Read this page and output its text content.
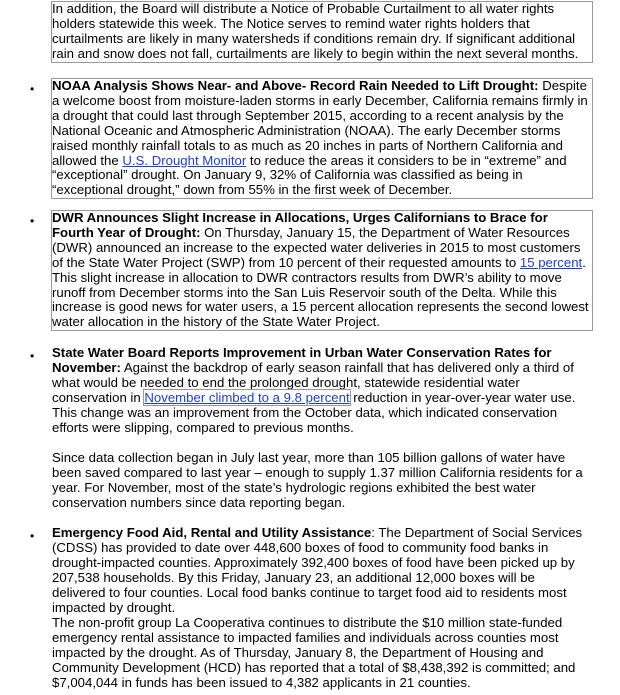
In addition, the Board will distribute a Notice of Probable Curtailment to all water rights holders statewide this week. The Notice serves to remind water rights holders that curtailments are likely in many watersheds if conditions remain dry. If significant additional rain and snow does not fall, curtailments are likely to begin within the next several months.

• NOAA Analysis Shows Near- and Above- Record Rain Needed to Lift Drought: Despite a welcome boost from moisture-laden storms in early December, California remains firmly in a drought that could last through September 2015, according to a recent analysis by the National Oceanic and Atmospheric Administration (NOAA). The early December storms raised monthly rainfall totals to as much as 20 inches in parts of Northern California and allowed the U.S. Drought Monitor to reduce the areas it considers to be in “extreme” and “exceptional” drought. On January 9, 32% of California was classified as being in “exceptional drought,” down from 55% in the first week of December.

• DWR Announces Slight Increase in Allocations, Urges Californians to Brace for Fourth Year of Drought: On Thursday, January 15, the Department of Water Resources (DWR) announced an increase to the expected water deliveries in 2015 to most customers of the State Water Project (SWP) from 10 percent of their requested amounts to 15 percent. This slight increase in allocation to DWR contractors results from DWR’s ability to move runoff from December storms into the San Luis Reservoir south of the Delta. While this increase is good news for water users, a 15 percent allocation represents the second lowest water allocation in the history of the State Water Project.

• State Water Board Reports Improvement in Urban Water Conservation Rates for November: Against the backdrop of early season rainfall that has delivered only a third of what would be needed to end the prolonged drought, statewide residential water conservation in November climbed to a 9.8 percent reduction in year-over-year water use. This change was an improvement from the October data, which indicated conservation efforts were slipping, compared to previous months.

Since data collection began in July last year, more than 105 billion gallons of water have been saved compared to last year – enough to supply 1.37 million California residents for a year. For November, most of the state’s hydrologic regions exhibited the best water conservation numbers since data reporting began.

• Emergency Food Aid, Rental and Utility Assistance: The Department of Social Services (CDSS) has provided to date over 448,600 boxes of food to community food banks in drought-impacted counties. Approximately 392,400 boxes of food have been picked up by 207,538 households. By this Friday, January 23, an additional 12,000 boxes will be delivered to four counties. Local food banks continue to target food aid to residents most impacted by drought.

The non-profit group La Cooperativa continues to distribute the $10 million state-funded emergency rental assistance to impacted families and individuals across counties most impacted by the drought. As of Thursday, January 8, the Department of Housing and Community Development (HCD) has reported that a total of $8,438,392 is committed; and $7,004,044 in funds has been issued to 4,382 applicants in 21 counties.
